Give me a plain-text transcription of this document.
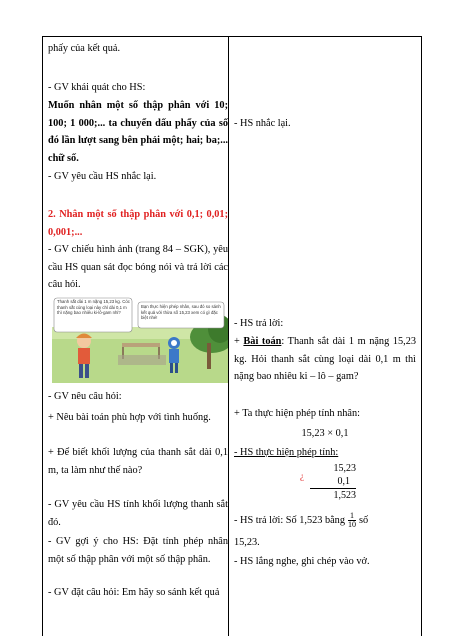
phấy của kết quả.

- GV khái quát cho HS:

Muốn nhân một số thập phân với 10; 100; 1 000;... ta chuyển dấu phẩy của số đó lần lượt sang bên phải một; hai; ba;... chữ số.

- GV yêu cầu HS nhắc lại.

2. Nhân một số thập phân với 0,1; 0,01; 0,001;...

- GV chiếu hình ảnh (trang 84 – SGK), yêu cầu HS quan sát đọc bóng nói và trả lời các câu hỏi.

Thanh sắt dài 1 m nặng 15,23 kg. Cóc thanh sắt cùng loại này chỉ dài 0,1 m thì nặng bao nhiêu ki-lô-gam nhỉ?
Bạn thực hiện phép nhân, sau đó so sánh kết quả với thừa số 15,23 xem có gì đặc biệt nhé!

- GV nêu câu hỏi:

+ Nêu bài toán phù hợp với tình huống.

+ Để biết khối lượng của thanh sắt dài 0,1 m, ta làm như thế nào?

- GV yêu cầu HS tính khối lượng thanh sắt đó.

- GV gợi ý cho HS: Đặt tính phép nhân một số thập phân với một số thập phân.

- GV đặt câu hỏi: Em hãy so sánh kết quả

- HS nhắc lại.

- HS trả lời:

+ Bài toán: Thanh sắt dài 1 m nặng 15,23 kg. Hỏi thanh sắt cùng loại dài 0,1 m thì nặng bao nhiêu ki – lô – gam?

+ Ta thực hiện phép tính nhân:

15,23 × 0,1

- HS thực hiện phép tính:

¿
15,23
0,1
1,523

- HS trả lời: Số 1,523 bằng $\frac{1}{10}$ số

15,23.

- HS lắng nghe, ghi chép vào vở.
